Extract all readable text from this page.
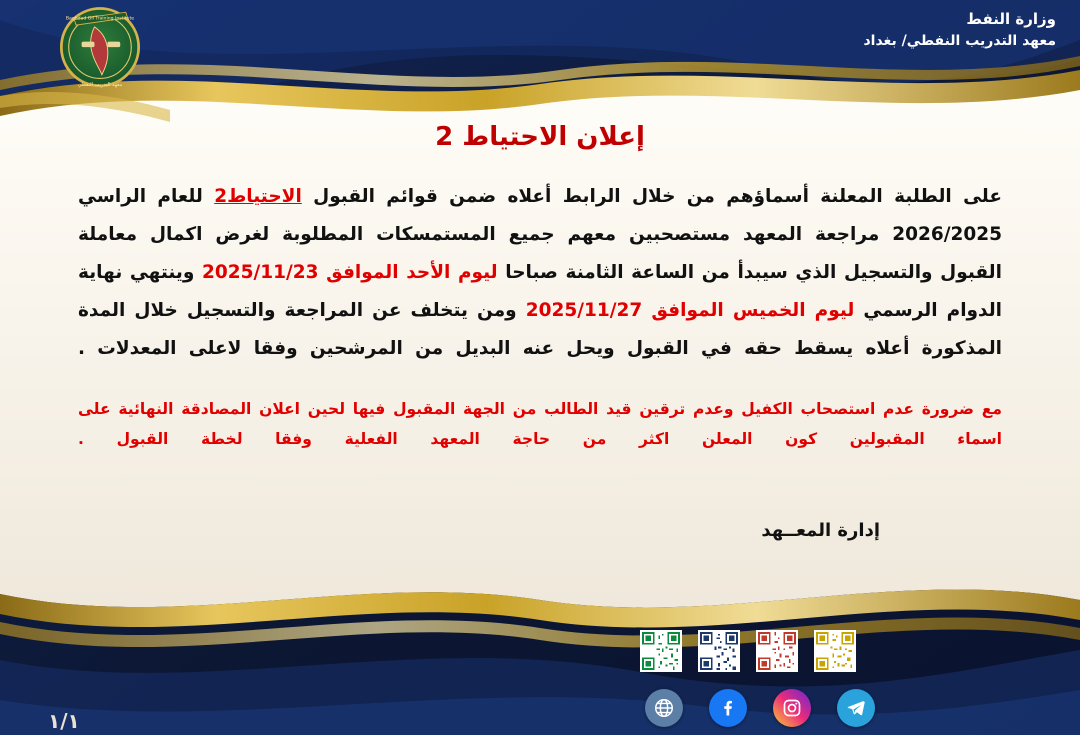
وزارة النفط
معهد التدريب النفطي/ بغداد
Baghdad Oil Training Institute
معهد التدريب النفطي
إعلان الاحتياط 2

على الطلبة المعلنة أسماؤهم من خلال الرابط أعلاه ضمن قوائم القبول الاحتياط2 للعام الراسي 2026/2025 مراجعة المعهد مستصحبين معهم جميع المستمسكات المطلوبة لغرض اكمال معاملة القبول والتسجيل الذي سيبدأ من الساعة الثامنة صباحا ليوم الأحد الموافق 2025/11/23 وينتهي نهاية الدوام الرسمي ليوم الخميس الموافق 2025/11/27 ومن يتخلف عن المراجعة والتسجيل خلال المدة المذكورة أعلاه يسقط حقه في القبول ويحل عنه البديل من المرشحين وفقا لاعلى المعدلات .

مع ضرورة عدم استصحاب الكفيل وعدم ترقين قيد الطالب من الجهة المقبول فيها لحين اعلان المصادقة النهائية على اسماء المقبولين كون المعلن اكثر من حاجة المعهد الفعلية وفقا لخطة القبول .
إدارة المعــهد
١/١
